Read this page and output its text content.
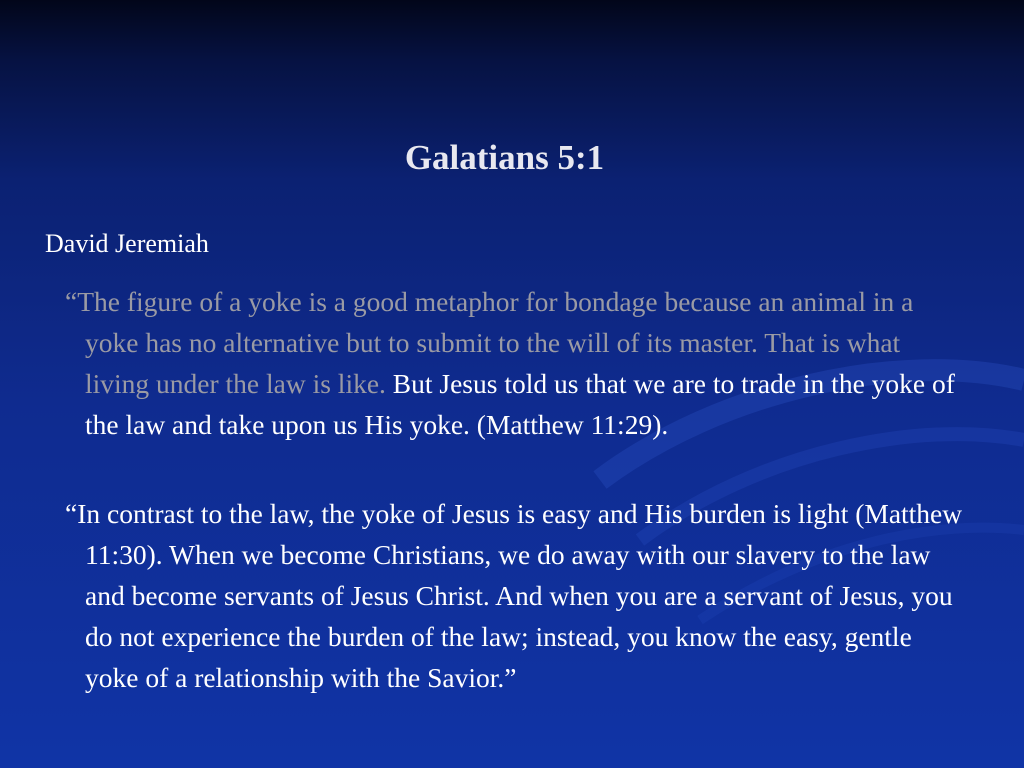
Galatians 5:1

David Jeremiah

“The figure of a yoke is a good metaphor for bondage because an animal in a yoke has no alternative but to submit to the will of its master. That is what living under the law is like. But Jesus told us that we are to trade in the yoke of the law and take upon us His yoke. (Matthew 11:29).

“In contrast to the law, the yoke of Jesus is easy and His burden is light (Matthew 11:30). When we become Christians, we do away with our slavery to the law and become servants of Jesus Christ. And when you are a servant of Jesus, you do not experience the burden of the law; instead, you know the easy, gentle yoke of a relationship with the Savior.”
